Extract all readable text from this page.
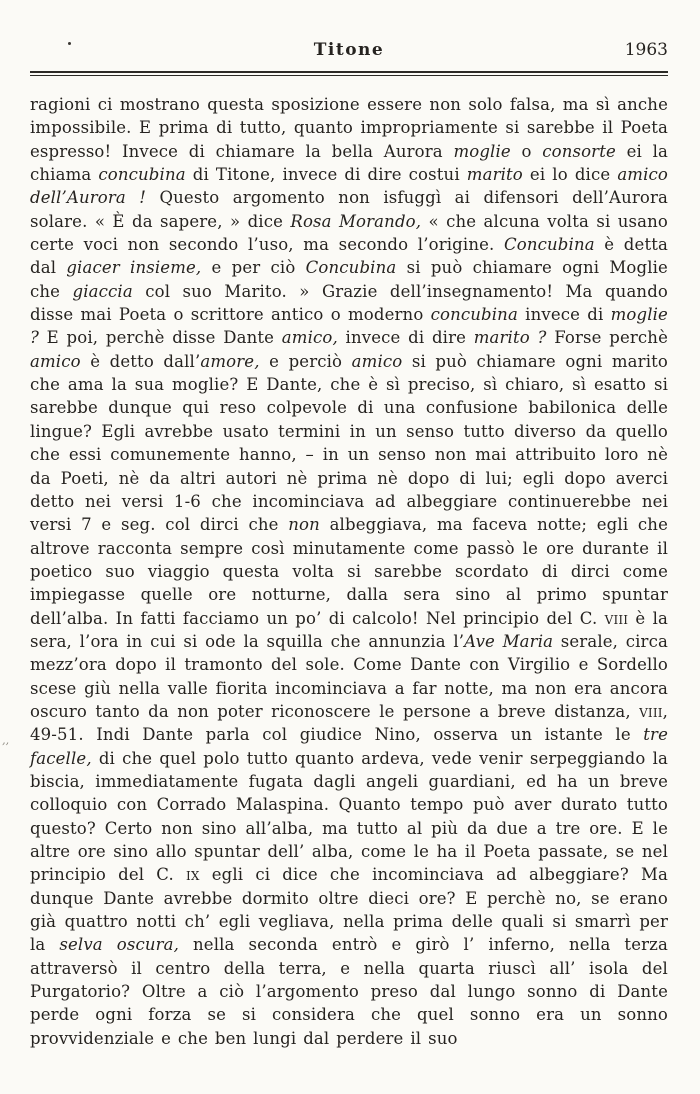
Titone	1963
ragioni ci mostrano questa sposizione essere non solo falsa, ma sì anche impossibile. E prima di tutto, quanto impropriamente si sarebbe il Poeta espresso! Invece di chiamare la bella Aurora moglie o consorte ei la chiama concubina di Titone, invece di dire costui marito ei lo dice amico dell’Aurora ! Questo argomento non isfuggì ai difensori dell’Aurora solare. « È da sapere, » dice Rosa Morando, « che alcuna volta si usano certe voci non secondo l’uso, ma secondo l’origine. Concubina è detta dal giacer insieme, e per ciò Concubina si può chiamare ogni Moglie che giaccia col suo Marito. » Grazie dell’insegnamento! Ma quando disse mai Poeta o scrittore antico o moderno concubina invece di moglie ? E poi, perchè disse Dante amico, invece di dire marito ? Forse perchè amico è detto dall’amore, e perciò amico si può chiamare ogni marito che ama la sua moglie? E Dante, che è sì preciso, sì chiaro, sì esatto si sarebbe dunque qui reso colpevole di una confusione babilonica delle lingue? Egli avrebbe usato termini in un senso tutto diverso da quello che essi comunemente hanno, – in un senso non mai attribuito loro nè da Poeti, nè da altri autori nè prima nè dopo di lui; egli dopo averci detto nei versi 1-6 che incominciava ad albeggiare continuerebbe nei versi 7 e seg. col dirci che non albeggiava, ma faceva notte; egli che altrove racconta sempre così minutamente come passò le ore durante il poetico suo viaggio questa volta si sarebbe scordato di dirci come impiegasse quelle ore notturne, dalla sera sino al primo spuntar dell’alba. In fatti facciamo un po’ di calcolo! Nel principio del C. viii è la sera, l’ora in cui si ode la squilla che annunzia l’Ave Maria serale, circa mezz’ora dopo il tramonto del sole. Come Dante con Virgilio e Sordello scese giù nella valle fiorita incominciava a far notte, ma non era ancora oscuro tanto da non poter riconoscere le persone a breve distanza, viii, 49-51. Indi Dante parla col giudice Nino, osserva un istante le tre facelle, di che quel polo tutto quanto ardeva, vede venir serpeggiando la biscia, immediatamente fugata dagli angeli guardiani, ed ha un breve colloquio con Corrado Malaspina. Quanto tempo può aver durato tutto questo? Certo non sino all’alba, ma tutto al più da due a tre ore. E le altre ore sino allo spuntar dell’ alba, come le ha il Poeta passate, se nel principio del C. ix egli ci dice che incominciava ad albeggiare? Ma dunque Dante avrebbe dormito oltre dieci ore? E perchè no, se erano già quattro notti ch’ egli vegliava, nella prima delle quali si smarrì per la selva oscura, nella seconda entrò e girò l’ inferno, nella terza attraversò il centro della terra, e nella quarta riuscì all’ isola del Purgatorio? Oltre a ciò l’argomento preso dal lungo sonno di Dante perde ogni forza se si considera che quel sonno era un sonno provvidenziale e che ben lungi dal perdere il suo
‚‚
